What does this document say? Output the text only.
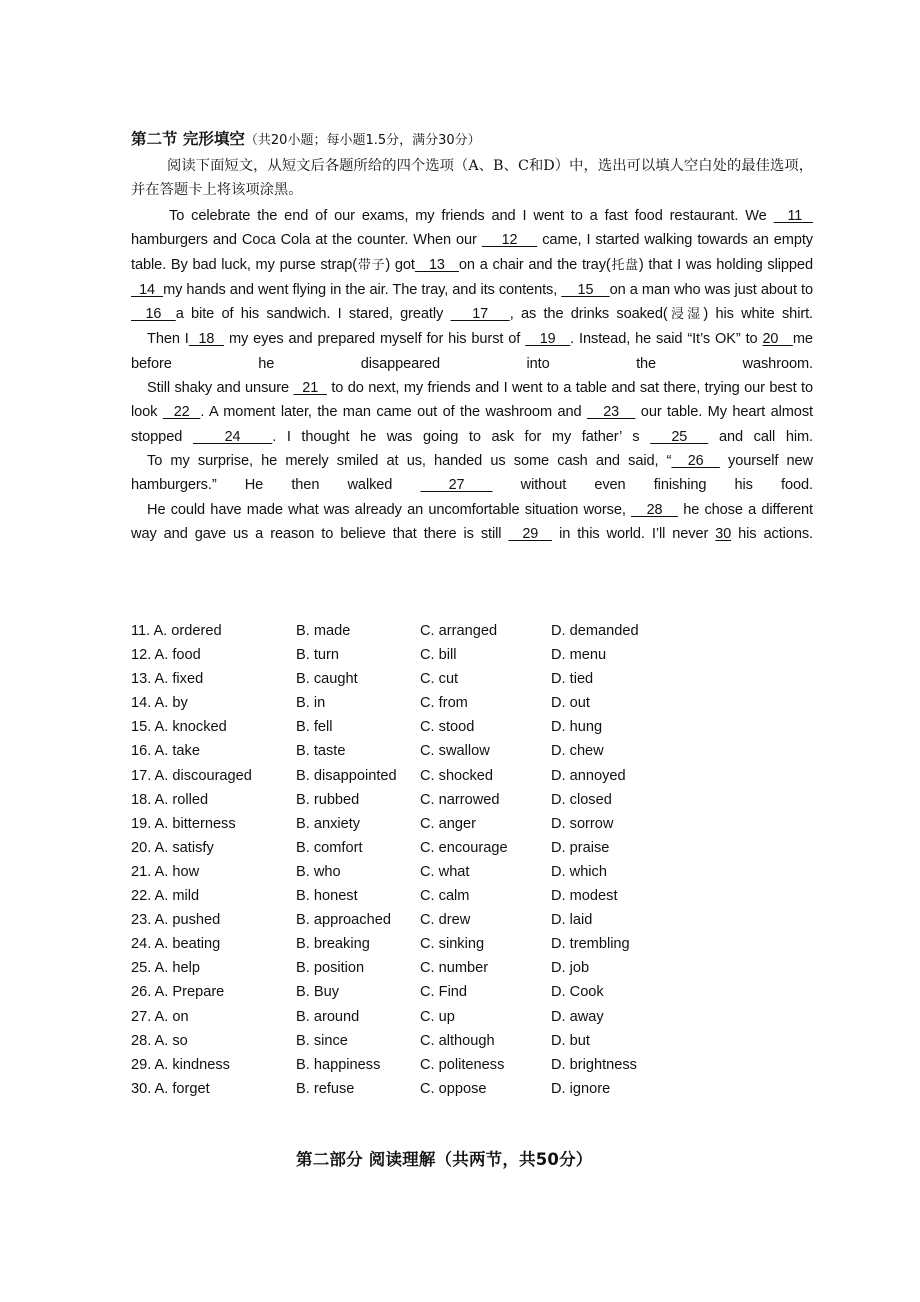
第二节 完形填空（共20小题；每小题1.5分，满分30分）
阅读下面短文，从短文后各题所给的四个选项（A、B、C和D）中，选出可以填人空白处的最佳选项，并在答题卡上将该项涂黑。

To celebrate the end of our exams, my friends and I went to a fast food restaurant. We   11   hamburgers and Coca Cola at the counter. When our     12     came, I started walking towards an empty table. By bad luck, my purse strap(带子) got   13   on a chair and the tray(托盘) that I was holding slipped  14  my hands and went flying in the air. The tray, and its contents,     15    on a man who was just about to   16  a bite of his sandwich. I stared, greatly    17   , as the drinks soaked(浸湿) his white shirt.

Then I  18   my eyes and prepared myself for his burst of    19   . Instead, he said “It’s OK” to 20   me before he disappeared into the washroom.

Still shaky and unsure   21   to do next, my friends and I went to a table and sat there, trying our best to look   22  . A moment later, the man came out of the washroom and    23    our table. My heart almost stopped    24   . I thought he was going to ask for my father’ s   25   and call him.

To my surprise, he merely smiled at us, handed us some cash and said, “  26   yourself new hamburgers.” He then walked  27  without even finishing his food.

He could have made what was already an uncomfortable situation worse,    28    he chose a different way and gave us a reason to believe that there is still   29   in this world. I’ll never 30 his actions.

11. A. ordered	B. made	C. arranged	D. demanded
12. A. food	B. turn	C. bill	D. menu
13. A. fixed	B. caught	C. cut	D. tied
14. A. by	B. in	C. from	D. out
15. A. knocked	B. fell	C. stood	D. hung
16. A. take	B. taste	C. swallow	D. chew
17. A. discouraged	B. disappointed C. shocked	D. annoyed
18. A. rolled	B. rubbed	C. narrowed	D. closed
19. A. bitterness	B. anxiety	C. anger	D. sorrow
20. A. satisfy	B. comfort	C. encourage	D. praise
21. A. how	B. who	C. what	D. which
22. A. mild	B. honest	C. calm	D. modest
23. A. pushed	B. approached C. drew	D. laid
24. A. beating	B. breaking	C. sinking	D. trembling
25. A. help	B. position	C. number	D. job
26. A. Prepare	B. Buy	C. Find	D. Cook
27. A. on	B. around	C. up	D. away
28. A. so	B. since	C. although	D. but
29. A. kindness	B. happiness	C. politeness	D. brightness
30. A. forget	B. refuse	C. oppose	D. ignore
第二部分 阅读理解（共两节，共50分）
